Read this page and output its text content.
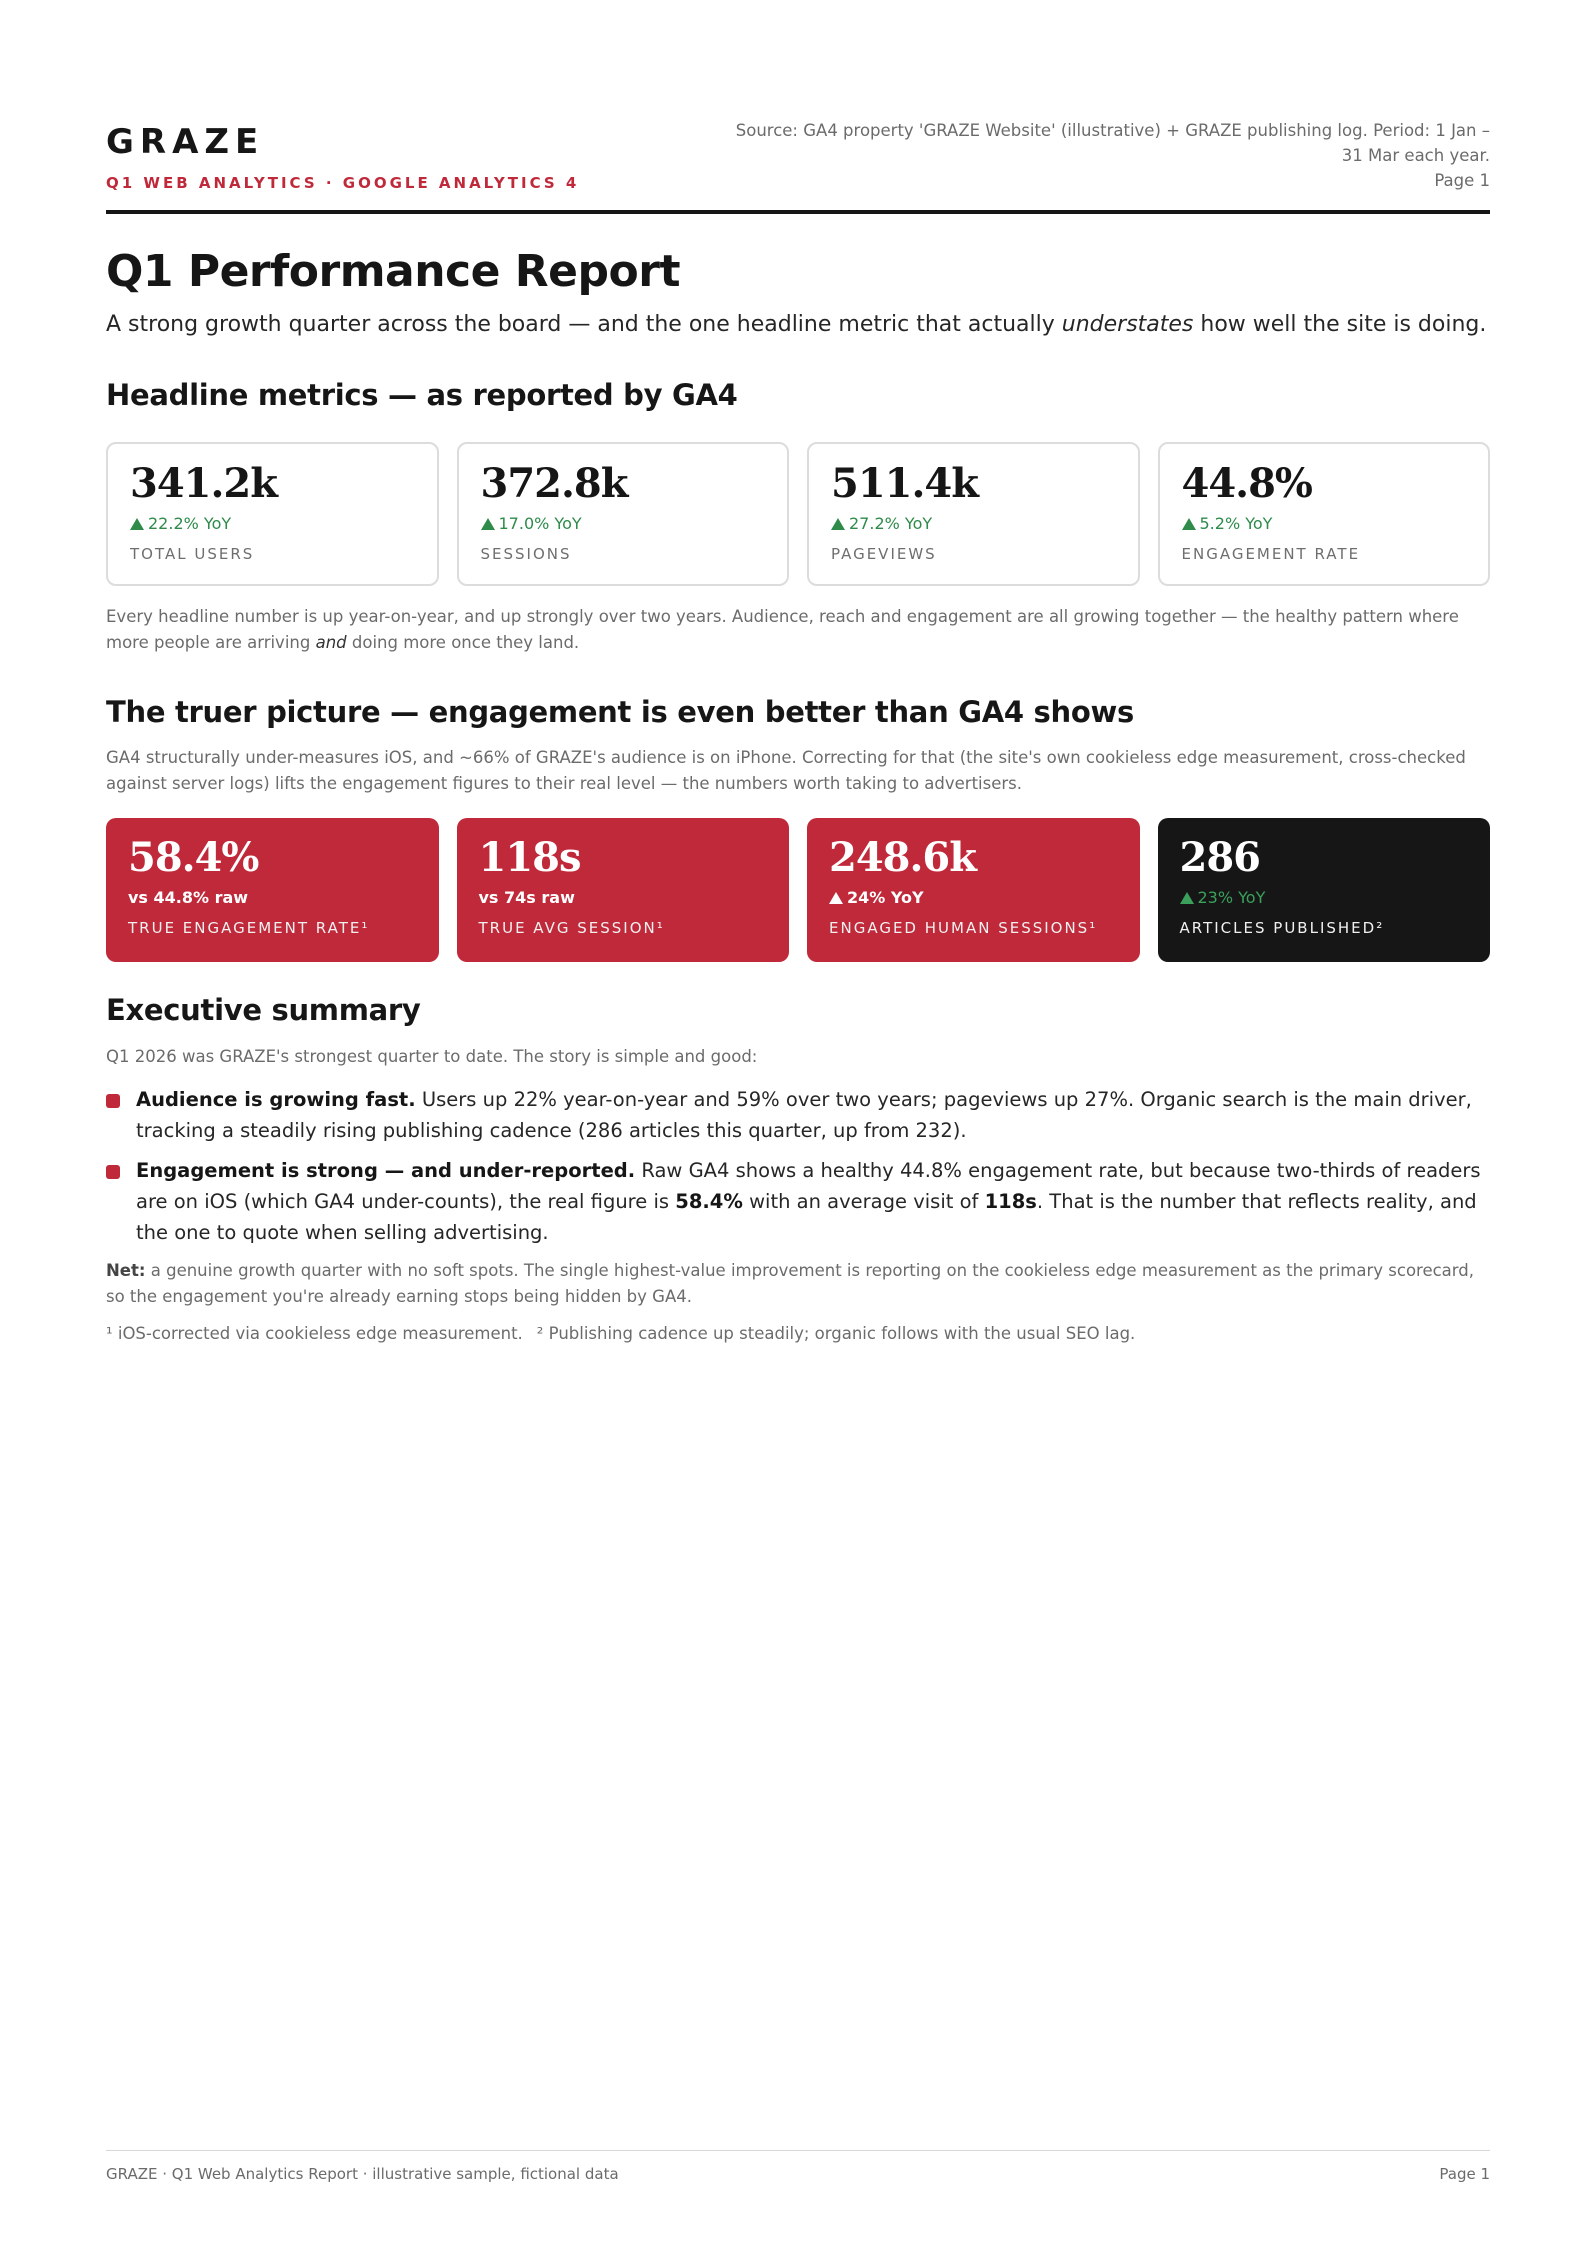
GRAZE
Q1 WEB ANALYTICS · GOOGLE ANALYTICS 4
Source: GA4 property 'GRAZE Website' (illustrative) + GRAZE publishing log. Period: 1 Jan – 31 Mar each year.
Page 1
Q1 Performance Report
A strong growth quarter across the board — and the one headline metric that actually understates how well the site is doing.
Headline metrics — as reported by GA4
341.2k
22.2% YoY
TOTAL USERS
372.8k
17.0% YoY
SESSIONS
511.4k
27.2% YoY
PAGEVIEWS
44.8%
5.2% YoY
ENGAGEMENT RATE
Every headline number is up year-on-year, and up strongly over two years. Audience, reach and engagement are all growing together — the healthy pattern where more people are arriving and doing more once they land.
The truer picture — engagement is even better than GA4 shows
GA4 structurally under-measures iOS, and ~66% of GRAZE's audience is on iPhone. Correcting for that (the site's own cookieless edge measurement, cross-checked against server logs) lifts the engagement figures to their real level — the numbers worth taking to advertisers.
58.4%
vs 44.8% raw
TRUE ENGAGEMENT RATE¹
118s
vs 74s raw
TRUE AVG SESSION¹
248.6k
24% YoY
ENGAGED HUMAN SESSIONS¹
286
23% YoY
ARTICLES PUBLISHED²
Executive summary
Q1 2026 was GRAZE's strongest quarter to date. The story is simple and good:
Audience is growing fast. Users up 22% year-on-year and 59% over two years; pageviews up 27%. Organic search is the main driver, tracking a steadily rising publishing cadence (286 articles this quarter, up from 232).
Engagement is strong — and under-reported. Raw GA4 shows a healthy 44.8% engagement rate, but because two-thirds of readers are on iOS (which GA4 under-counts), the real figure is 58.4% with an average visit of 118s. That is the number that reflects reality, and the one to quote when selling advertising.
Net: a genuine growth quarter with no soft spots. The single highest-value improvement is reporting on the cookieless edge measurement as the primary scorecard, so the engagement you're already earning stops being hidden by GA4.
¹ iOS-corrected via cookieless edge measurement. ² Publishing cadence up steadily; organic follows with the usual SEO lag.
GRAZE · Q1 Web Analytics Report · illustrative sample, fictional data	Page 1
